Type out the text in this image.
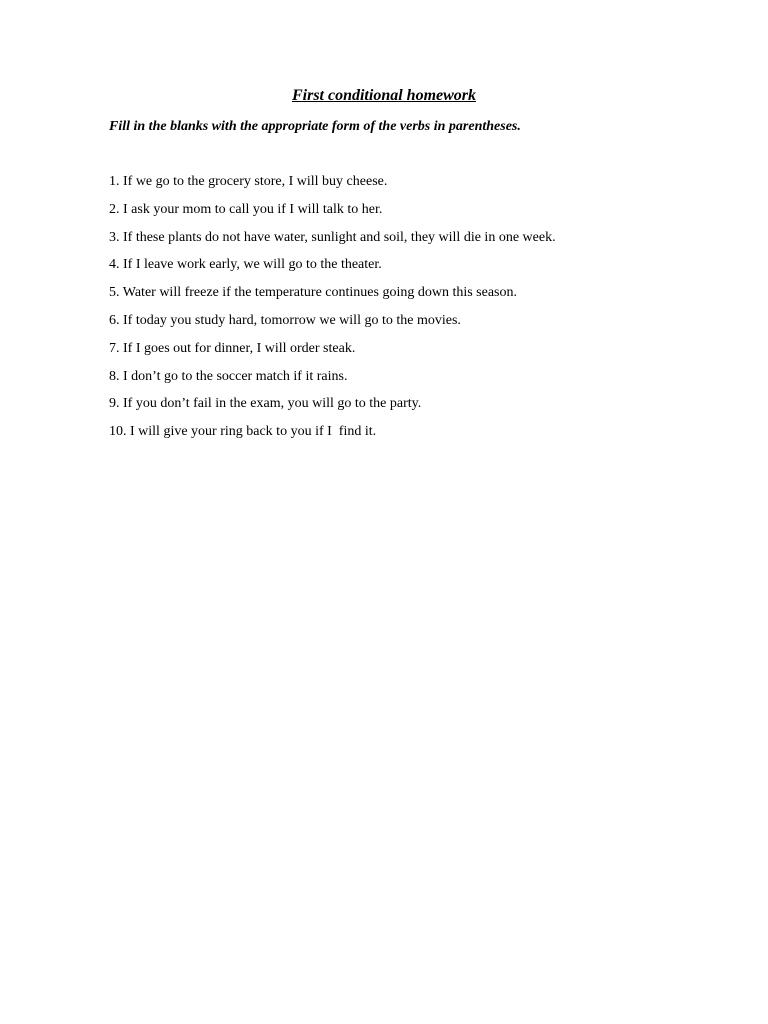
First conditional homework

Fill in the blanks with the appropriate form of the verbs in parentheses.

1. If we go to the grocery store, I will buy cheese.
2. I ask your mom to call you if I will talk to her.
3. If these plants do not have water, sunlight and soil, they will die in one week.
4. If I leave work early, we will go to the theater.
5. Water will freeze if the temperature continues going down this season.
6. If today you study hard, tomorrow we will go to the movies.
7. If I goes out for dinner, I will order steak.
8. I don’t go to the soccer match if it rains.
9. If you don’t fail in the exam, you will go to the party.
10. I will give your ring back to you if I  find it.
